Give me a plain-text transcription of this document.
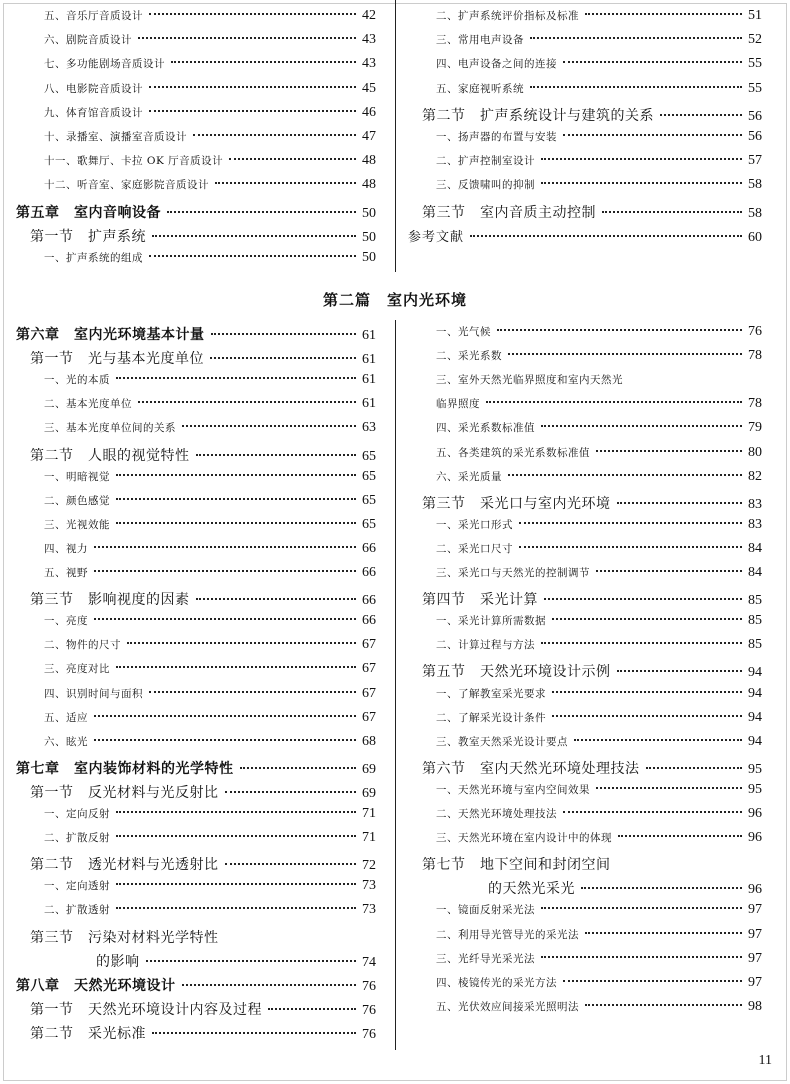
五、音乐厅音质设计	42
六、剧院音质设计	43
七、多功能剧场音质设计	43
八、电影院音质设计	45
九、体育馆音质设计	46
十、录播室、演播室音质设计	47
十一、歌舞厅、卡拉 OK 厅音质设计	48
十二、听音室、家庭影院音质设计	48
第五章　室内音响设备	50
第一节　扩声系统	50
一、扩声系统的组成	50
二、扩声系统评价指标及标准	51
三、常用电声设备	52
四、电声设备之间的连接	55
五、家庭视听系统	55
第二节　扩声系统设计与建筑的关系	56
一、扬声器的布置与安装	56
二、扩声控制室设计	57
三、反馈啸叫的抑制	58
第三节　室内音质主动控制	58
参考文献	60
第二篇　室内光环境
第六章　室内光环境基本计量	61
第一节　光与基本光度单位	61
一、光的本质	61
二、基本光度单位	61
三、基本光度单位间的关系	63
第二节　人眼的视觉特性	65
一、明暗视觉	65
二、颜色感觉	65
三、光视效能	65
四、视力	66
五、视野	66
第三节　影响视度的因素	66
一、亮度	66
二、物件的尺寸	67
三、亮度对比	67
四、识别时间与面积	67
五、适应	67
六、眩光	68
第七章　室内装饰材料的光学特性	69
第一节　反光材料与光反射比	69
一、定向反射	71
二、扩散反射	71
第二节　透光材料与光透射比	72
一、定向透射	73
二、扩散透射	73
第三节　污染对材料光学特性
的影响	74
第八章　天然光环境设计	76
第一节　天然光环境设计内容及过程	76
第二节　采光标准	76
一、光气候	76
二、采光系数	78
三、室外天然光临界照度和室内天然光
临界照度	78
四、采光系数标准值	79
五、各类建筑的采光系数标准值	80
六、采光质量	82
第三节　采光口与室内光环境	83
一、采光口形式	83
二、采光口尺寸	84
三、采光口与天然光的控制调节	84
第四节　采光计算	85
一、采光计算所需数据	85
二、计算过程与方法	85
第五节　天然光环境设计示例	94
一、了解教室采光要求	94
二、了解采光设计条件	94
三、教室天然采光设计要点	94
第六节　室内天然光环境处理技法	95
一、天然光环境与室内空间效果	95
二、天然光环境处理技法	96
三、天然光环境在室内设计中的体现	96
第七节　地下空间和封闭空间
的天然光采光	96
一、镜面反射采光法	97
二、利用导光管导光的采光法	97
三、光纤导光采光法	97
四、棱镜传光的采光方法	97
五、光伏效应间接采光照明法	98
11
